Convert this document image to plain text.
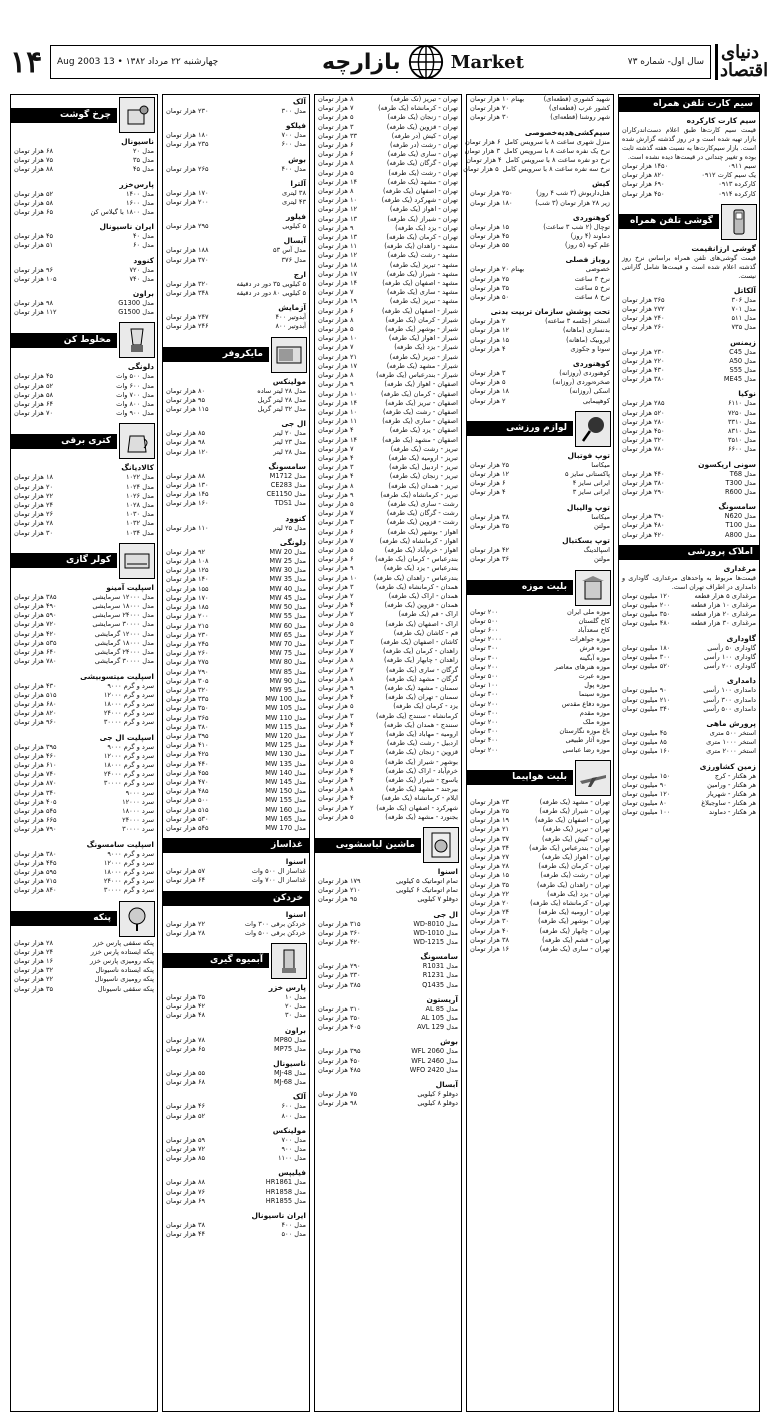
۱۴	سال اول- شماره ۷۳
بازارچه	Market
چهارشنبه ۲۲ مرداد ۱۳۸۲ • 13 Aug 2003	دنیای اقتصاد
سیم کارت تلفن همراه
سیم کارت کارکرده
قیمت سیم کارت‌ها طبق اعلام دست‌اندرکاران بازار تهیه شده است و در روز گذشته گزارش شده است. بازار سیم‌کارت‌ها به نسبت هفته گذشته ثابت بوده و تغییر چندانی در قیمت‌ها دیده نشده است.
سیم ۰۹۱۱
۱۴۵۰ هزار تومان
یک سیم کارت ۰۹۱۲
۸۲۰ هزار تومان
کارکرده ۰۹۱۳
۶۹۰ هزار تومان
کارکرده ۰۹۱۴
۴۵۰ هزار تومان
گوشی تلفن همراه
گوشی ارزانقیمت
قیمت گوشی‌های تلفن همراه براساس نرخ روز گذشته اعلام شده است و قیمت‌ها شامل گارانتی نیست.
آلکاتل
مدل ۳۰۶
۳۶۵ هزار تومان
مدل ۷۰۱
۲۷۲ هزار تومان
مدل ۵۱۱
۲۴۰ هزار تومان
مدل ۷۳۵
۲۶۰ هزار تومان
زیمنس
مدل C45
۲۳۰ هزار تومان
مدل A50
۲۲۰ هزار تومان
مدل S55
۴۳۰ هزار تومان
مدل ME45
۳۸۰ هزار تومان
نوکیا
مدل ۶۱۱۰
۲۸۵ هزار تومان
مدل ۷۲۵۰
۵۲۰ هزار تومان
مدل ۳۳۱۰
۲۸۰ هزار تومان
مدل ۸۳۱۰
۴۵۰ هزار تومان
مدل ۳۵۱۰
۳۲۰ هزار تومان
مدل ۶۶۰۰
۷۸۰ هزار تومان
سونی اریکسون
مدل T68
۴۴۰ هزار تومان
مدل T300
۳۸۰ هزار تومان
مدل R600
۲۹۰ هزار تومان
سامسونگ
مدل N620
۳۹۰ هزار تومان
مدل T100
۴۸۰ هزار تومان
مدل A800
۴۲۰ هزار تومان
املاک پرورشی
مرغداری
قیمت‌ها مربوط به واحدهای مرغداری، گاوداری و دامداری در اطراف تهران است.
مرغداری ۵ هزار قطعه
۱۲۰ میلیون تومان
مرغداری ۱۰ هزار قطعه
۲۰۰ میلیون تومان
مرغداری ۲۰ هزار قطعه
۳۵۰ میلیون تومان
مرغداری ۳۰ هزار قطعه
۴۸۰ میلیون تومان
گاوداری
گاوداری ۵۰ رأسی
۱۸۰ میلیون تومان
گاوداری ۱۰۰ رأسی
۳۰۰ میلیون تومان
گاوداری ۲۰۰ رأسی
۵۲۰ میلیون تومان
دامداری
دامداری ۱۰۰ رأسی
۹۰ میلیون تومان
دامداری ۳۰۰ رأسی
۲۱۰ میلیون تومان
دامداری ۵۰۰ رأسی
۳۴۰ میلیون تومان
پرورش ماهی
استخر ۵۰۰ متری
۴۵ میلیون تومان
استخر ۱۰۰۰ متری
۸۵ میلیون تومان
استخر ۲۰۰۰ متری
۱۶۰ میلیون تومان
زمین کشاورزی
هر هکتار - کرج
۱۵۰ میلیون تومان
هر هکتار - ورامین
۹۰ میلیون تومان
هر هکتار - شهریار
۱۲۰ میلیون تومان
هر هکتار - ساوجبلاغ
۸۰ میلیون تومان
هر هکتار - دماوند
۱۰۰ میلیون تومان
شهید کشوری (قطعه‌ای)
بهنام ۱۰ هزار تومان
کشور عرب (قطعه‌ای)
۲۰ هزار تومان
شهر روشنا (قطعه‌ای)
۳۰ هزار تومان
سیم‌کشی‌هدیه‌خصوصی
منزل شهری ساعت ۸ با سرویس کامل
۶ هزار تومان
نرخ یک نفره ساعت ۸ با سرویس کامل
۳ هزار تومان
نرخ دو نفره ساعت ۸ با سرویس کامل
۴ هزار تومان
نرخ سه نفره ساعت ۸ با سرویس کامل
۵ هزار تومان
کیش
هتل‌داریوش (۳ شب ۴ روز)
۲۵۰ هزار تومان
زیر ۲۸ هزار تومان (۳ شب)
۱۸۰ هزار تومان
کوهنوردی
توچال (۲ شب ۳ ساعت)
۱۵ هزار تومان
دماوند (۴ روز)
۴۵ هزار تومان
علم کوه (۵ روز)
۵۵ هزار تومان
روباز فصلی
خصوصی
بهنام ۲۰ هزار تومان
نرخ ۳ ساعت
۲۵ هزار تومان
نرخ ۵ ساعت
۳۵ هزار تومان
نرخ ۸ ساعت
۵۰ هزار تومان
تحت پوشش سازمان تربیت بدنی
استخر (جلسه ۳ ساعته)
۲ هزار تومان
بدنسازی (ماهانه)
۱۲ هزار تومان
ایروبیک (ماهانه)
۱۵ هزار تومان
سونا و جکوزی
۴ هزار تومان
کوهنوردی
کوهنوردی (روزانه)
۳ هزار تومان
صخره‌نوردی (روزانه)
۵ هزار تومان
اسکی (روزانه)
۱۸ هزار تومان
کوهپیمایی
۲ هزار تومان
لوازم ورزشی
توپ فوتبال
میکاسا
۲۵ هزار تومان
پاکستانی سایز ۵
۱۲ هزار تومان
ایرانی سایز ۴
۶ هزار تومان
ایرانی سایز ۳
۴ هزار تومان
توپ والیبال
میکاسا
۳۸ هزار تومان
مولتن
۳۵ هزار تومان
توپ بسکتبال
اسپالدینگ
۴۲ هزار تومان
مولتن
۳۶ هزار تومان
بلیت موزه
موزه ملی ایران
۲۰۰ تومان
کاخ گلستان
۵۰۰ تومان
کاخ سعدآباد
۶۰۰ تومان
موزه جواهرات
۲۰۰۰ تومان
موزه فرش
۳۰۰ تومان
موزه آبگینه
۳۰۰ تومان
موزه هنرهای معاصر
۲۰۰ تومان
موزه عبرت
۵۰۰ تومان
موزه پول
۱۰۰ تومان
موزه سینما
۳۰۰ تومان
موزه دفاع مقدس
۲۰۰ تومان
موزه مقدم
۳۰۰ تومان
موزه ملک
۲۰۰ تومان
باغ موزه نگارستان
۳۰۰ تومان
موزه آثار طبیعی
۴۰۰ تومان
موزه رضا عباسی
۲۰۰ تومان
بلیت هواپیما
تهران - مشهد (یک طرفه)
۲۳ هزار تومان
تهران - شیراز (یک طرفه)
۲۵ هزار تومان
تهران - اصفهان (یک طرفه)
۱۹ هزار تومان
تهران - تبریز (یک طرفه)
۲۱ هزار تومان
تهران - کیش (یک طرفه)
۳۷ هزار تومان
تهران - بندرعباس (یک طرفه)
۳۴ هزار تومان
تهران - اهواز (یک طرفه)
۲۷ هزار تومان
تهران - کرمان (یک طرفه)
۲۸ هزار تومان
تهران - رشت (یک طرفه)
۱۵ هزار تومان
تهران - زاهدان (یک طرفه)
۳۵ هزار تومان
تهران - یزد (یک طرفه)
۲۲ هزار تومان
تهران - کرمانشاه (یک طرفه)
۲۰ هزار تومان
تهران - ارومیه (یک طرفه)
۲۴ هزار تومان
تهران - بوشهر (یک طرفه)
۳۰ هزار تومان
تهران - چابهار (یک طرفه)
۴۰ هزار تومان
تهران - قشم (یک طرفه)
۳۸ هزار تومان
تهران - ساری (یک طرفه)
۱۶ هزار تومان
تهران - تبریز (تک طرفه)
۸ هزار تومان
تهران - کرمانشاه (یک طرفه)
۷ هزار تومان
تهران - زنجان (یک طرفه)
۵ هزار تومان
تهران - قزوین (یک طرفه)
۳ هزار تومان
تهران - کیش (در طرفه)
۳۳ هزار تومان
تهران - رشت (در طرفه)
۶ هزار تومان
تهران - ساری (یک طرفه)
۶ هزار تومان
تهران - گرگان (یک طرفه)
۸ هزار تومان
تهران - رشت (یک طرفه)
۵ هزار تومان
تهران - مشهد (یک طرفه)
۱۴ هزار تومان
تهران - اصفهان (یک طرفه)
۸ هزار تومان
تهران - شهرکرد (یک طرفه)
۱۰ هزار تومان
تهران - اهواز (یک طرفه)
۱۲ هزار تومان
تهران - شیراز (یک طرفه)
۱۳ هزار تومان
تهران - یزد (یک طرفه)
۹ هزار تومان
تهران - کرمان (یک طرفه)
۱۳ هزار تومان
مشهد - زاهدان (یک طرفه)
۱۱ هزار تومان
مشهد - رشت (یک طرفه)
۱۲ هزار تومان
مشهد - تبریز (یک طرفه)
۱۸ هزار تومان
مشهد - شیراز (یک طرفه)
۱۷ هزار تومان
مشهد - اصفهان (یک طرفه)
۱۴ هزار تومان
مشهد - ساری (یک طرفه)
۷ هزار تومان
مشهد - تبریز (یک طرفه)
۱۹ هزار تومان
شیراز - اصفهان (یک طرفه)
۶ هزار تومان
شیراز - کرمان (یک طرفه)
۸ هزار تومان
شیراز - بوشهر (یک طرفه)
۵ هزار تومان
شیراز - اهواز (یک طرفه)
۱۰ هزار تومان
شیراز - یزد (یک طرفه)
۷ هزار تومان
شیراز - تبریز (یک طرفه)
۲۱ هزار تومان
شیراز - مشهد (یک طرفه)
۱۷ هزار تومان
شیراز - بندرعباس (یک طرفه)
۸ هزار تومان
اصفهان - اهواز (یک طرفه)
۹ هزار تومان
اصفهان - کرمان (یک طرفه)
۱۰ هزار تومان
اصفهان - تبریز (یک طرفه)
۱۴ هزار تومان
اصفهان - رشت (یک طرفه)
۱۰ هزار تومان
اصفهان - ساری (یک طرفه)
۱۱ هزار تومان
اصفهان - یزد (یک طرفه)
۴ هزار تومان
اصفهان - مشهد (یک طرفه)
۱۴ هزار تومان
تبریز - رشت (یک طرفه)
۷ هزار تومان
تبریز - ارومیه (یک طرفه)
۴ هزار تومان
تبریز - اردبیل (یک طرفه)
۳ هزار تومان
تبریز - زنجان (یک طرفه)
۴ هزار تومان
تبریز - همدان (یک طرفه)
۸ هزار تومان
تبریز - کرمانشاه (یک طرفه)
۹ هزار تومان
رشت - ساری (یک طرفه)
۵ هزار تومان
رشت - گرگان (یک طرفه)
۷ هزار تومان
رشت - قزوین (یک طرفه)
۳ هزار تومان
اهواز - بوشهر (یک طرفه)
۶ هزار تومان
اهواز - کرمانشاه (یک طرفه)
۷ هزار تومان
اهواز - خرم‌آباد (یک طرفه)
۵ هزار تومان
بندرعباس - کرمان (یک طرفه)
۶ هزار تومان
بندرعباس - یزد (یک طرفه)
۹ هزار تومان
بندرعباس - زاهدان (یک طرفه)
۱۰ هزار تومان
همدان - کرمانشاه (یک طرفه)
۳ هزار تومان
همدان - اراک (یک طرفه)
۲ هزار تومان
همدان - قزوین (یک طرفه)
۴ هزار تومان
اراک - قم (یک طرفه)
۲ هزار تومان
اراک - اصفهان (یک طرفه)
۵ هزار تومان
قم - کاشان (یک طرفه)
۲ هزار تومان
کاشان - اصفهان (یک طرفه)
۳ هزار تومان
زاهدان - کرمان (یک طرفه)
۷ هزار تومان
زاهدان - چابهار (یک طرفه)
۸ هزار تومان
گرگان - ساری (یک طرفه)
۲ هزار تومان
گرگان - مشهد (یک طرفه)
۸ هزار تومان
سمنان - مشهد (یک طرفه)
۹ هزار تومان
سمنان - تهران (یک طرفه)
۴ هزار تومان
یزد - کرمان (یک طرفه)
۵ هزار تومان
کرمانشاه - سنندج (یک طرفه)
۳ هزار تومان
سنندج - همدان (یک طرفه)
۴ هزار تومان
ارومیه - مهاباد (یک طرفه)
۲ هزار تومان
اردبیل - رشت (یک طرفه)
۴ هزار تومان
قزوین - زنجان (یک طرفه)
۳ هزار تومان
بوشهر - شیراز (یک طرفه)
۵ هزار تومان
خرم‌آباد - اراک (یک طرفه)
۴ هزار تومان
یاسوج - شیراز (یک طرفه)
۴ هزار تومان
بیرجند - مشهد (یک طرفه)
۸ هزار تومان
ایلام - کرمانشاه (یک طرفه)
۴ هزار تومان
شهرکرد - اصفهان (یک طرفه)
۲ هزار تومان
بجنورد - مشهد (یک طرفه)
۵ هزار تومان
ماشین لباسشویی
اسنوا
تمام اتوماتیک ۵ کیلویی
۱۷۹ هزار تومان
تمام اتوماتیک ۶ کیلویی
۲۱۰ هزار تومان
دوقلو ۷ کیلویی
۹۵ هزار تومان
ال جی
مدل WD-8010
۳۱۵ هزار تومان
مدل WD-1010
۳۶۰ هزار تومان
مدل WD-1215
۴۲۰ هزار تومان
سامسونگ
مدل R1031
۲۹۰ هزار تومان
مدل R1231
۳۳۰ هزار تومان
مدل Q1435
۳۸۵ هزار تومان
آریستون
مدل AL 85
۳۱۰ هزار تومان
مدل AL 105
۳۵۰ هزار تومان
مدل AVL 129
۴۰۵ هزار تومان
بوش
مدل WFL 2060
۳۹۵ هزار تومان
مدل WFL 2460
۴۵۰ هزار تومان
مدل WFO 2420
۴۸۵ هزار تومان
آبسال
دوقلو ۶ کیلویی
۷۵ هزار تومان
دوقلو ۸ کیلویی
۹۸ هزار تومان
آلک
مدل ۳۰۰
۲۳۰ هزار تومان
فیلکو
مدل ۷۰۰
۱۸۰ هزار تومان
مدل ۶۰۰
۲۳۵ هزار تومان
بوش
مدل ۴۰۰
۲۶۵ هزار تومان
آلترا
۳۸ لیتری
۱۷۰ هزار تومان
۴۳ لیتری
۲۰۰ هزار تومان
فیلور
۵ کیلویی
۲۹۵ هزار تومان
آبسال
مدل آس ۵۳
۱۸۸ هزار تومان
مدل ۳۷۶
۳۷۰ هزار تومان
ارج
۵ کیلویی ۳۵ دور در دقیقه
۳۲۰ هزار تومان
۵ کیلویی ۸۰ دور در دقیقه
۳۴۸ هزار تومان
آزمایش
آبدوتیر ۴۰۰
۲۴۷ هزار تومان
آبدوتیر ۸۰۰
۲۴۶ هزار تومان
مایکروفر
مولینکس
مدل ۲۸ لیتر ساده
۸۰ هزار تومان
مدل ۲۸ لیتر گریل
۹۵ هزار تومان
مدل ۳۲ لیتر گریل
۱۱۵ هزار تومان
ال جی
مدل ۲۰ لیتر
۸۵ هزار تومان
مدل ۲۳ لیتر
۹۸ هزار تومان
مدل ۲۸ لیتر
۱۲۰ هزار تومان
سامسونگ
مدل M1712
۸۸ هزار تومان
مدل CE283
۱۳۰ هزار تومان
مدل CE1150
۱۴۵ هزار تومان
مدل TDS1
۱۶۰ هزار تومان
کنوود
مدل ۲۵ لیتر
۱۱۰ هزار تومان
دلونگی
مدل MW 20
۹۲ هزار تومان
مدل MW 25
۱۰۸ هزار تومان
مدل MW 30
۱۲۵ هزار تومان
مدل MW 35
۱۴۰ هزار تومان
مدل MW 40
۱۵۵ هزار تومان
مدل MW 45
۱۷۰ هزار تومان
مدل MW 50
۱۸۵ هزار تومان
مدل MW 55
۲۰۰ هزار تومان
مدل MW 60
۲۱۵ هزار تومان
مدل MW 65
۲۳۰ هزار تومان
مدل MW 70
۲۴۵ هزار تومان
مدل MW 75
۲۶۰ هزار تومان
مدل MW 80
۲۷۵ هزار تومان
مدل MW 85
۲۹۰ هزار تومان
مدل MW 90
۳۰۵ هزار تومان
مدل MW 95
۳۲۰ هزار تومان
مدل MW 100
۳۳۵ هزار تومان
مدل MW 105
۳۵۰ هزار تومان
مدل MW 110
۳۶۵ هزار تومان
مدل MW 115
۳۸۰ هزار تومان
مدل MW 120
۳۹۵ هزار تومان
مدل MW 125
۴۱۰ هزار تومان
مدل MW 130
۴۲۵ هزار تومان
مدل MW 135
۴۴۰ هزار تومان
مدل MW 140
۴۵۵ هزار تومان
مدل MW 145
۴۷۰ هزار تومان
مدل MW 150
۴۸۵ هزار تومان
مدل MW 155
۵۰۰ هزار تومان
مدل MW 160
۵۱۵ هزار تومان
مدل MW 165
۵۳۰ هزار تومان
مدل MW 170
۵۴۵ هزار تومان
غذاساز
اسنوا
غذاساز ال ۵۰۰ وات
۵۷ هزار تومان
غذاساز ال ۷۰۰ وات
۶۴ هزار تومان
خردکن
اسنوا
خردکن برقی ۳۰۰ وات
۲۲ هزار تومان
خردکن برقی ۵۰۰ وات
۲۸ هزار تومان
آبمیوه گیری
پارس خزر
مدل ۱۰
۳۵ هزار تومان
مدل ۲۰
۴۲ هزار تومان
مدل ۳۰
۴۸ هزار تومان
براون
مدل MP80
۷۸ هزار تومان
مدل MP75
۶۵ هزار تومان
ناسیونال
مدل MJ-48
۵۵ هزار تومان
مدل MJ-68
۶۸ هزار تومان
آلک
مدل ۶۰۰
۴۶ هزار تومان
مدل ۸۰۰
۵۲ هزار تومان
مولینکس
مدل ۷۰۰
۵۹ هزار تومان
مدل ۹۰۰
۷۲ هزار تومان
مدل ۱۱۰۰
۸۵ هزار تومان
فیلیپس
مدل HR1861
۸۸ هزار تومان
مدل HR1858
۷۶ هزار تومان
مدل HR1855
۶۹ هزار تومان
ایران ناسیونال
مدل ۴۰۰
۳۸ هزار تومان
مدل ۵۰۰
۴۴ هزار تومان
چرخ گوشت
ناسیونال
مدل ۲۰
۶۸ هزار تومان
مدل ۳۵
۷۵ هزار تومان
مدل ۴۵
۸۸ هزار تومان
پارس‌خزر
مدل ۱۴۰۰
۵۲ هزار تومان
مدل ۱۶۰۰
۵۸ هزار تومان
مدل ۱۸۰۰ با گیلاس کن
۶۵ هزار تومان
ایران ناسیونال
مدل ۴۰
۴۵ هزار تومان
مدل ۶۰
۵۱ هزار تومان
کنوود
مدل ۷۲۰
۹۶ هزار تومان
مدل ۷۴۰
۱۰۵ هزار تومان
براون
مدل G1300
۹۸ هزار تومان
مدل G1500
۱۱۲ هزار تومان
مخلوط کن
دلونگی
مدل ۵۰۰ وات
۴۵ هزار تومان
مدل ۶۰۰ وات
۵۲ هزار تومان
مدل ۷۰۰ وات
۵۸ هزار تومان
مدل ۸۰۰ وات
۶۴ هزار تومان
مدل ۹۰۰ وات
۷۰ هزار تومان
کتری برقی
کالادیانگ
مدل ۱۰۲۲
۱۸ هزار تومان
مدل ۱۰۲۴
۲۰ هزار تومان
مدل ۱۰۲۶
۲۲ هزار تومان
مدل ۱۰۲۸
۲۴ هزار تومان
مدل ۱۰۳۰
۲۶ هزار تومان
مدل ۱۰۳۲
۲۸ هزار تومان
مدل ۱۰۳۴
۳۰ هزار تومان
کولر گازی
اسپلیت آمینو
مدل ۱۲۰۰۰ سرمایشی
۳۸۵ هزار تومان
مدل ۱۸۰۰۰ سرمایشی
۴۹۰ هزار تومان
مدل ۲۴۰۰۰ سرمایشی
۵۹۰ هزار تومان
مدل ۳۰۰۰۰ سرمایشی
۷۲۰ هزار تومان
مدل ۱۲۰۰۰ گرمایشی
۴۲۰ هزار تومان
مدل ۱۸۰۰۰ گرمایشی
۵۳۵ هزار تومان
مدل ۲۴۰۰۰ گرمایشی
۶۴۰ هزار تومان
مدل ۳۰۰۰۰ گرمایشی
۷۸۰ هزار تومان
اسپلیت میتسوبیشی
سرد و گرم ۹۰۰۰
۴۳۰ هزار تومان
سرد و گرم ۱۲۰۰۰
۵۱۵ هزار تومان
سرد و گرم ۱۸۰۰۰
۶۸۰ هزار تومان
سرد و گرم ۲۴۰۰۰
۸۲۰ هزار تومان
سرد و گرم ۳۰۰۰۰
۹۶۰ هزار تومان
اسپلیت ال جی
سرد و گرم ۹۰۰۰
۳۹۵ هزار تومان
سرد و گرم ۱۲۰۰۰
۴۶۰ هزار تومان
سرد و گرم ۱۸۰۰۰
۶۱۰ هزار تومان
سرد و گرم ۲۴۰۰۰
۷۴۰ هزار تومان
سرد و گرم ۳۰۰۰۰
۸۷۰ هزار تومان
سرد ۹۰۰۰
۳۴۰ هزار تومان
سرد ۱۲۰۰۰
۴۰۵ هزار تومان
سرد ۱۸۰۰۰
۵۴۵ هزار تومان
سرد ۲۴۰۰۰
۶۶۵ هزار تومان
سرد ۳۰۰۰۰
۷۹۰ هزار تومان
اسپلیت سامسونگ
سرد و گرم ۹۰۰۰
۳۸۰ هزار تومان
سرد و گرم ۱۲۰۰۰
۴۴۵ هزار تومان
سرد و گرم ۱۸۰۰۰
۵۹۵ هزار تومان
سرد و گرم ۲۴۰۰۰
۷۱۵ هزار تومان
سرد و گرم ۳۰۰۰۰
۸۴۰ هزار تومان
پنکه
پنکه سقفی پارس خزر
۲۸ هزار تومان
پنکه ایستاده پارس خزر
۲۴ هزار تومان
پنکه رومیزی پارس خزر
۱۶ هزار تومان
پنکه ایستاده ناسیونال
۳۲ هزار تومان
پنکه رومیزی ناسیونال
۲۲ هزار تومان
پنکه سقفی ناسیونال
۳۵ هزار تومان
